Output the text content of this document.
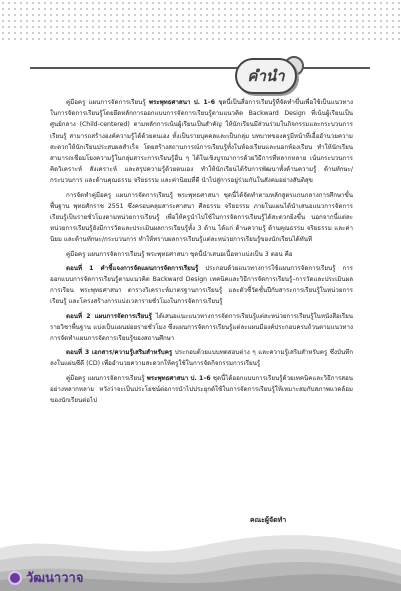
คำนำ

คู่มือครู แผนการจัดการเรียนรู้ พระพุทธศาสนา ป. 1–6 ชุดนี้เป็นสื่อการเรียนรู้ที่จัดทำขึ้นเพื่อใช้เป็นแนวทางในการจัดการเรียนรู้โดยยึดหลักการออกแบบการจัดการเรียนรู้ตามแนวคิด Backward Design ที่เน้นผู้เรียนเป็นศูนย์กลาง (Child-centered) ตามหลักการเน้นผู้เรียนเป็นสำคัญ ให้นักเรียนมีส่วนร่วมในกิจกรรมและกระบวนการเรียนรู้ สามารถสร้างองค์ความรู้ได้ด้วยตนเอง ทั้งเป็นรายบุคคลและเป็นกลุ่ม บทบาทของครูมีหน้าที่เอื้ออำนวยความสะดวกให้นักเรียนประสบผลสำเร็จ โดยสร้างสถานการณ์การเรียนรู้ทั้งในห้องเรียนและนอกห้องเรียน ทำให้นักเรียนสามารถเชื่อมโยงความรู้ในกลุ่มสาระการเรียนรู้อื่น ๆ ได้ในเชิงบูรณาการด้วยวิธีการที่หลากหลาย เน้นกระบวนการคิดวิเคราะห์ สังเคราะห์ และสรุปความรู้ด้วยตนเอง ทำให้นักเรียนได้รับการพัฒนาทั้งด้านความรู้ ด้านทักษะ/กระบวนการ และด้านคุณธรรม จริยธรรม และค่านิยมที่ดี นำไปสู่การอยู่ร่วมกันในสังคมอย่างสันติสุข

การจัดทำคู่มือครู แผนการจัดการเรียนรู้ พระพุทธศาสนา ชุดนี้ได้จัดทำตามหลักสูตรแกนกลางการศึกษาขั้นพื้นฐาน พุทธศักราช 2551 ซึ่งครอบคลุมสาระศาสนา ศีลธรรม จริยธรรม ภายในแผนได้นำเสนอแนวการจัดการเรียนรู้เป็นรายชั่วโมงตามหน่วยการเรียนรู้ เพื่อให้ครูนำไปใช้ในการจัดการเรียนรู้ได้สะดวกยิ่งขึ้น นอกจากนี้แต่ละหน่วยการเรียนรู้ยังมีการวัดและประเมินผลการเรียนรู้ทั้ง 3 ด้าน ได้แก่ ด้านความรู้ ด้านคุณธรรม จริยธรรม และค่านิยม และด้านทักษะ/กระบวนการ ทำให้ทราบผลการเรียนรู้แต่ละหน่วยการเรียนรู้ของนักเรียนได้ทันที

คู่มือครู แผนการจัดการเรียนรู้ พระพุทธศาสนา ชุดนี้นำเสนอเนื้อหาแบ่งเป็น 3 ตอน คือ

ตอนที่ 1 คำชี้แจงการจัดแผนการจัดการเรียนรู้ ประกอบด้วยแนวทางการใช้แผนการจัดการเรียนรู้ การออกแบบการจัดการเรียนรู้ตามแนวคิด Backward Design เทคนิคและวิธีการจัดการเรียนรู้–การวัดและประเมินผลการเรียน พระพุทธศาสนา ตารางวิเคราะห์มาตรฐานการเรียนรู้ และตัวชี้วัดชั้นปีกับสาระการเรียนรู้ในหน่วยการเรียนรู้ และโครงสร้างการแบ่งเวลารายชั่วโมงในการจัดการเรียนรู้

ตอนที่ 2 แผนการจัดการเรียนรู้ ได้เสนอแนะแนวทางการจัดการเรียนรู้แต่ละหน่วยการเรียนรู้ในหนังสือเรียน รายวิชาพื้นฐาน แบ่งเป็นแผนย่อยรายชั่วโมง ซึ่งแผนการจัดการเรียนรู้แต่ละแผนมีองค์ประกอบครบถ้วนตามแนวทางการจัดทำแผนการจัดการเรียนรู้ของสถานศึกษา

ตอนที่ 3 เอกสาร/ความรู้เสริมสำหรับครู ประกอบด้วยแบบทดสอบต่าง ๆ และความรู้เสริมสำหรับครู ซึ่งบันทึกลงในแผ่นซีดี (CD) เพื่ออำนวยความสะดวกให้ครูใช้ในการจัดกิจกรรมการเรียนรู้

คู่มือครู แผนการจัดการเรียนรู้ พระพุทธศาสนา ป. 1–6 ชุดนี้ได้ออกแบบการเรียนรู้ด้วยเทคนิคและวิธีการสอนอย่างหลากหลาย หวังว่าจะเป็นประโยชน์ต่อการนำไปประยุกต์ใช้ในการจัดการเรียนรู้ให้เหมาะสมกับสภาพแวดล้อมของนักเรียนต่อไป

คณะผู้จัดทำ
วัฒนาวาจ
